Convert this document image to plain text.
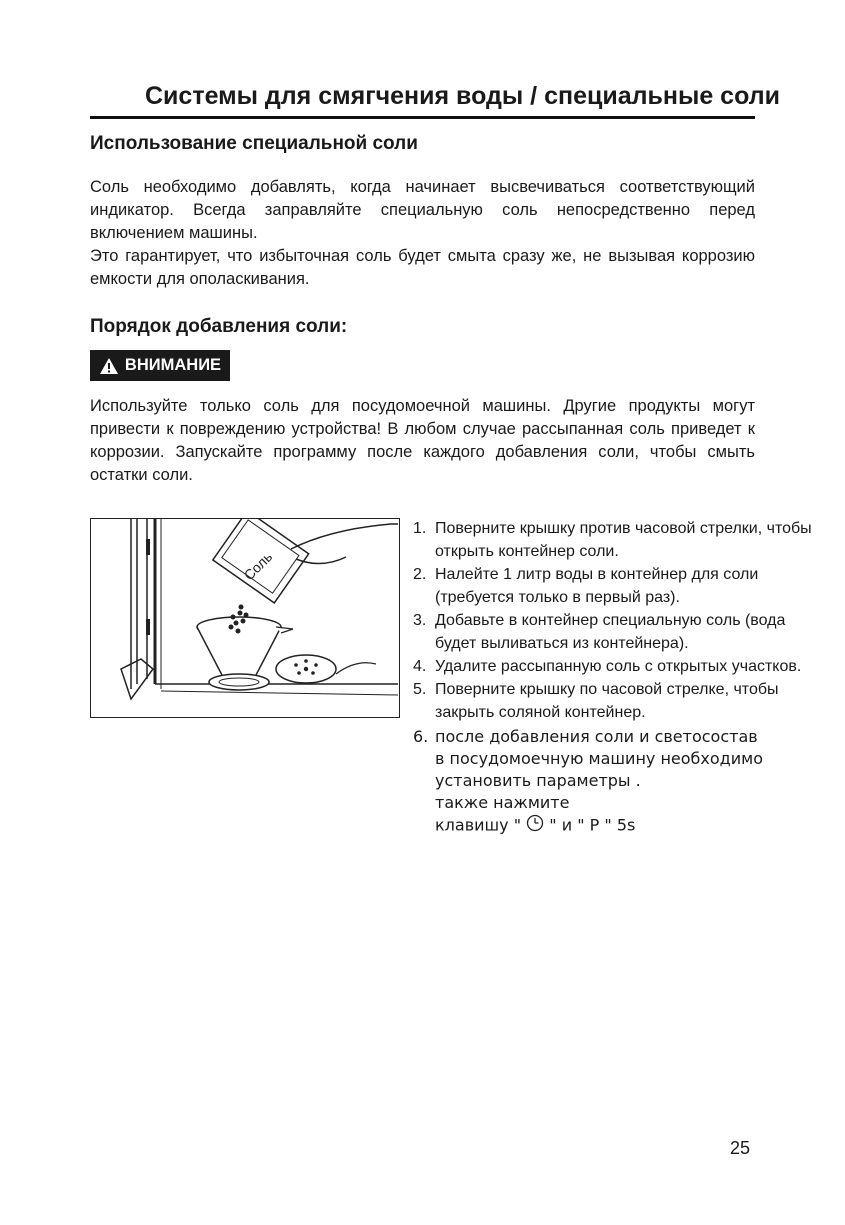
Системы для смягчения воды / специальные соли
Использование специальной соли
Соль необходимо добавлять, когда начинает высвечиваться соответствующий индикатор. Всегда заправляйте специальную соль непосредственно перед включением машины.
Это гарантирует, что избыточная соль будет смыта сразу же, не вызывая коррозию емкости для ополаскивания.
Порядок добавления соли:
ВНИМАНИЕ
Используйте только соль для посудомоечной машины. Другие продукты могут привести к повреждению устройства! В любом случае рассыпанная соль приведет к коррозии. Запускайте программу после каждого добавления соли, чтобы смыть остатки соли.
Соль
1. Поверните крышку против часовой стрелки, чтобы открыть контейнер соли.
2. Налейте 1 литр воды в контейнер для соли (требуется только в первый раз).
3. Добавьте в контейнер специальную соль (вода будет выливаться из контейнера).
4. Удалите рассыпанную соль с открытых участков.
5. Поверните крышку по часовой стрелке, чтобы закрыть соляной контейнер.
6. после добавления соли и светосостав
в посудомоечную машину необходимо
установить параметры .
также нажмите
клавишу " " и " P " 5s
25
